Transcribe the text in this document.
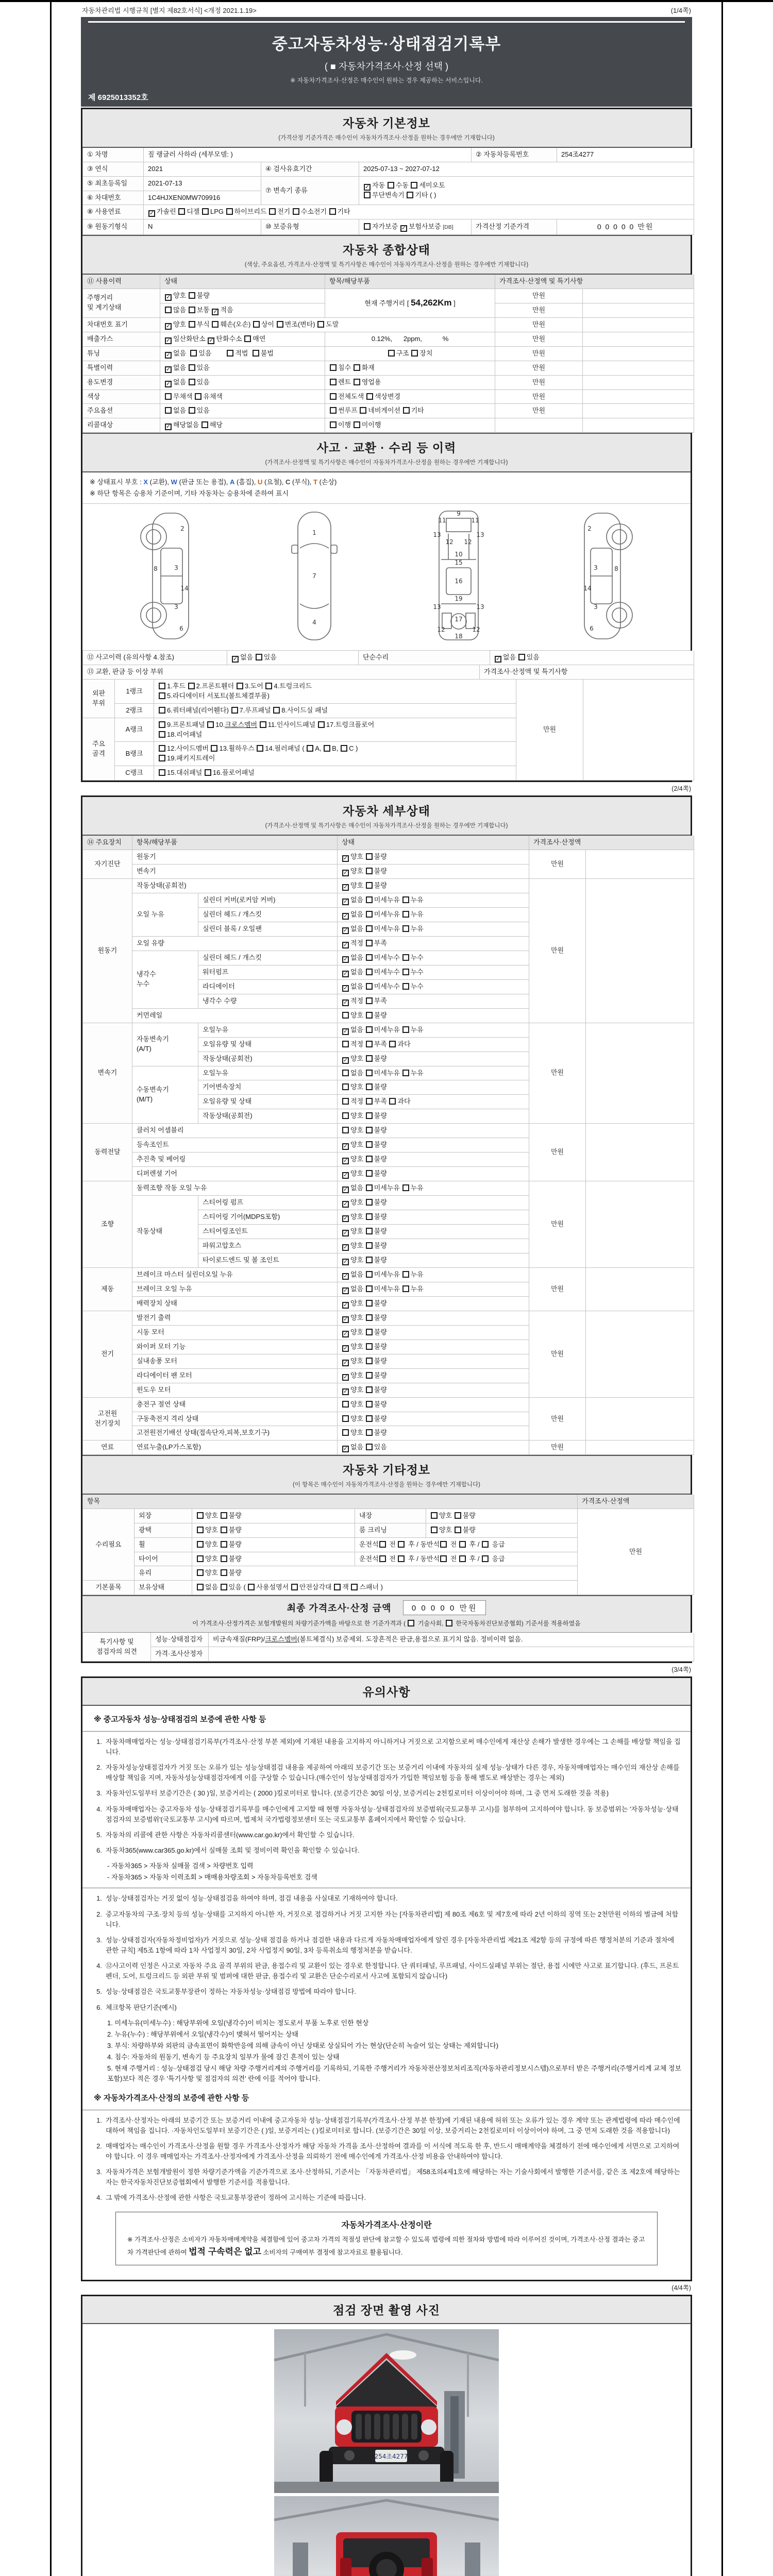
자동차관리법 시행규칙 [별지 제82호서식] <개정 2021.1.19>	(1/4쪽)
중고자동차성능·상태점검기록부
( ■ 자동차가격조사·산정 선택 )
※ 자동차가격조사·산정은 매수인이 원하는 경우 제공하는 서비스입니다.
제 6925013352호
자동차 기본정보
(가격산정 기준가격은 매수인이 자동차가격조사·산정을 원하는 경우에만 기재합니다)
① 차명	짚 랭글러 사하라 (세부모델: )			② 자동차등록번호	254조4277
③ 연식	2021	④ 검사유효기간	2025-07-13 ~ 2027-07-12		
⑤ 최초등록일	2021-07-13	⑦ 변속기 종류	✓자동 수동 세미오토
무단변속기 기타 ( )
⑥ 차대번호	1C4HJXEN0MW709916				
⑧ 사용연료	✓가솔린 디젤 LPG 하이브리드 전기 수소전기 기타
⑨ 원동기형식	N	⑩ 보증유형	자가보증 ✓보험사보증 [DB]	가격산정 기준가격	0 0 0 0 0 만원
자동차 종합상태
(색상, 주요옵션, 가격조사·산정액 및 특기사항은 매수인이 자동차가격조사·산정을 원하는 경우에만 기재합니다)
⑪ 사용이력	상태	항목/해당부품	가격조사·산정액 및 특기사항	
주행거리
및 계기상태	✓양호 불량	현재 주행거리 [ 54,262Km ]	만원	
	많음 보통 ✓적음		만원	
차대번호 표기	✓양호 부식 훼손(오손) 상이 변조(변타) 도말		만원	
배출가스	✓일산화탄소 ✓탄화수소 매연	0.12%,      2ppm,           %	만원	
튜닝	✓없음  있음        적법  불법	구조 장치	만원	
특별이력	✓없음 있음	침수 화재	만원	
용도변경	✓없음 있음	렌트 영업용	만원	
색상	무채색 유채색	전체도색 색상변경	만원	
주요옵션	없음 있음	썬루프 네비게이션 기타	만원	
리콜대상	✓해당없음 해당	이행 미이행		
사고 · 교환 · 수리 등 이력
(가격조사·산정액 및 특기사항은 매수인이 자동차가격조사·산정을 원하는 경우에만 기재합니다)
※ 상태표시 부호 : X (교환), W (판금 또는 용접), A (흠집), U (요철), C (부식), T (손상)
※ 하단 항목은 승용차 기준이며, 기타 자동차는 승용차에 준하여 표시
2
8	3
14
3
6
1
7
4
11
9
11
13	13
12 12
10
15
16
19
13	13
12	12
17
18
2
3	8
14
3
6
⑫ 사고이력 (유의사항 4.참조)	✓없음 있음	단순수리	✓없음 있음
⑬ 교환, 판금 등 이상 부위	가격조사·산정액 및 특기사항
외판
부위	1랭크	1.후드 2.프론트휀더 3.도어 4.트렁크리드
5.라디에이터 서포트(볼트체결부품)	만원	
	2랭크	6.쿼터패널(리어휀다) 7.루프패널 8.사이드실 패널		
주요
골격	A랭크	9.프론트패널 10.크로스멤버 11.인사이드패널 17.트렁크플로어
18.리어패널		
	B랭크	12.사이드멤버 13.휠하우스 14.필러패널 ( A, B, C )
19.패키지트레이		
	C랭크	15.대쉬패널 16.플로어패널		
(2/4쪽)
자동차 세부상태
(가격조사·산정액 및 특기사항은 매수인이 자동차가격조사·산정을 원하는 경우에만 기재합니다)
⑭ 주요장치	항목/해당부품		상태	가격조사·산정액	
자기진단	원동기	✓양호 불량	만원	
	변속기	✓양호 불량
원동기	작동상태(공회전)	✓양호 불량	만원	
	오일 누유	실린더 커버(로커암 커버)	✓없음 미세누유 누유
		실린더 헤드 / 개스킷	✓없음 미세누유 누유
		실린더 블록 / 오일팬	✓없음 미세누유 누유
	오일 유량	✓적정 부족
	냉각수
누수	실린더 헤드 / 개스킷	✓없음 미세누수 누수
		워터펌프	✓없음 미세누수 누수
		라디에이터	✓없음 미세누수 누수
		냉각수 수량	✓적정 부족
	커먼레일		양호 불량		
변속기	자동변속기
(A/T)	오일누유	✓없음 미세누유 누유	만원	
		오일유량 및 상태	적정 부족 과다		
		작동상태(공회전)	✓양호 불량
	수동변속기
(M/T)	오일누유	없음 미세누유 누유		
		기어변속장치	양호 불량		
		오일유량 및 상태	적정 부족 과다		
		작동상태(공회전)	양호 불량		
동력전달	클러치 어셈블리		양호 불량	만원	
	등속조인트	✓양호 불량
	추진축 및 베어링	✓양호 불량
	디퍼렌셜 기어	✓양호 불량
조향	동력조향 작동 오일 누유	✓없음 미세누유 누유	만원	
	작동상태	스티어링 펌프	✓양호 불량
		스티어링 기어(MDPS포함)	✓양호 불량
		스티어링조인트	✓양호 불량
		파워고압호스	✓양호 불량
		타이로드엔드 및 볼 조인트	✓양호 불량
제동	브레이크 마스터 실린더오일 누유	✓없음 미세누유 누유	만원	
	브레이크 오일 누유	✓없음 미세누유 누유
	배력장치 상태	✓양호 불량
전기	발전기 출력	✓양호 불량	만원	
	시동 모터	✓양호 불량
	와이퍼 모터 기능	✓양호 불량
	실내송풍 모터	✓양호 불량
	라디에이터 팬 모터	✓양호 불량
	윈도우 모터	✓양호 불량
고전원
전기장치	충전구 절연 상태		양호 불량	만원	
	구동축전지 격리 상태		양호 불량		
	고전원전기배선 상태(접속단자,피복,보호기구)		양호 불량		
연료	연료누출(LP가스포함)	✓없음 있음	만원	
자동차 기타정보
(이 항목은 매수인이 자동차가격조사·산정을 원하는 경우에만 기재합니다)
항목					가격조사·산정액
수리필요	외장	양호 불량	내장	양호 불량	만원
	광택	양호 불량	룸 크리닝	양호 불량	
	휠	양호 불량	운전석 전  후 / 동반석 전  후 /  응급		
	타이어	양호 불량	운전석 전  후 / 동반석 전  후 /  응급		
	유리	양호 불량			
기본품목	보유상태	없음 있음 ( 사용설명서 안전삼각대 잭 스패너 )			
최종 가격조사·산정 금액	0 0 0 0 0 만원
이 가격조사·산정가격은 보험개발원의 차량기준가액을 바탕으로 한 기준가격과 (  기술사회,  한국자동차진단보증협회) 기준서를 적용하였음
특기사항 및
점검자의 의견	성능·상태점검자	비금속재질(FRP)/크로스멤버(볼트체결식) 보증제외. 도장흔적은 판금,용접으로 표기치 않음. 정비이력 없음.
	가격·조사산정자	
(3/4쪽)
유의사항
※ 중고자동차 성능·상태점검의 보증에 관한 사항 등
1. 자동차매매업자는 성능·상태점검기록부(가격조사·산정 부분 제외)에 기재된 내용을 고지하지 아니하거나 거짓으로 고지함으로써 매수인에게 재산상 손해가 발생한 경우에는 그 손해를 배상할 책임을 집니다.
2. 자동차성능상태점검자가 거짓 또는 오류가 있는 성능상태점검 내용을 제공하여 아래의 보증기간 또는 보증거리 이내에 자동차의 실제 성능·상태가 다른 경우, 자동차매매업자는 매수인의 재산상 손해를 배상할 책임을 지며, 자동차성능상태점검자에게 이를 구상할 수 있습니다.(매수인이 성능상태점검자가 가입한 책임보험 등을 통해 별도로 배상받는 경우는 제외)
3. 자동차인도일부터 보증기간은 ( 30 )일, 보증거리는 ( 2000 )킬로미터로 합니다. (보증기간은 30일 이상, 보증거리는 2천킬로미터 이상이어야 하며, 그 중 먼저 도래한 것을 적용)
4. 자동차매매업자는 중고자동차 성능·상태점검기록부를 매수인에게 고지할 때 현행 자동차성능·상태점검자의 보증범위(국토교통부 고시)를 첨부하여 고지하여야 합니다. 동 보증범위는 '자동차성능·상태점검자의 보증범위'(국토교통부 고시)에 따르며, 법제처 국가법령정보센터 또는 국토교통부 홈페이지에서 확인할 수 있습니다.
5. 자동차의 리콜에 관한 사항은 자동차리콜센터(www.car.go.kr)에서 확인할 수 있습니다.
6. 자동차365(www.car365.go.kr)에서 실매물 조회 및 정비이력 확인을 확인할 수 있습니다.
- 자동차365 > 자동차 실매물 검색 > 차량번호 입력
- 자동차365 > 자동차 이력조회 > 매매용차량조회 > 자동차등록번호 검색
1. 성능·상태점검자는 거짓 없이 성능·상태점검을 하여야 하며, 점검 내용을 사실대로 기재하여야 합니다.
2. 중고자동차의 구조·장치 등의 성능·상태를 고지하지 아니한 자, 거짓으로 점검하거나 거짓 고지한 자는 [자동차관리법] 제 80조 제6호 및 제7호에 따라 2년 이하의 징역 또는 2천만원 이하의 벌금에 처합니다.
3. 성능·상태점검자(자동차정비업자)가 거짓으로 성능·상태 점검을 하거나 점검한 내용과 다르게 자동차매매업자에게 알린 경우 [자동차관리법 제21조 제2항 등의 규정에 따른 행정처분의 기준과 절차에 관한 규칙] 제5조 1항에 따라 1차 사업정지 30일, 2차 사업정지 90일, 3차 등록취소의 행정처분을 받습니다.
4. ⑫사고이력 인정은 사고로 자동차 주요 골격 부위의 판금, 용접수리 및 교환이 있는 경우로 한정합니다. 단 쿼터패널, 루프패널, 사이드실패널 부위는 절단, 용접 시에만 사고로 표기합니다. (후드, 프론트펜더, 도어, 트렁크리드 등 외판 부위 및 범퍼에 대한 판금, 용접수리 및 교환은 단순수리로서 사고에 포함되지 않습니다)
5. 성능·상태점검은 국토교통부장관이 정하는 자동차성능·상태점검 방법에 따라야 합니다.
6. 체크항목 판단기준(예시)
1. 미세누유(미세누수) : 해당부위에 오일(냉각수)이 비치는 정도로서 부품 노후로 인한 현상
2. 누유(누수) : 해당부위에서 오일(냉각수)이 맺혀서 떨어지는 상태
3. 부식: 차량하부와 외판의 금속표면이 화학반응에 의해 금속이 아닌 상태로 상실되어 가는 현상(단순히 녹슬어 있는 상태는 제외합니다)
4. 침수: 자동차의 원동기, 변속기 등 주요장치 일부가 물에 잠긴 흔적이 있는 상태
5. 현재 주행거리 : 성능·상태점검 당시 해당 차량 주행거리계의 주행거리를 기록하되, 기록한 주행거리가 자동차전산정보처리조직(자동차관리정보시스템)으로부터 받은 주행거리(주행거리계 교체 정보 포함)보다 적은 경우 '특기사항 및 점검자의 의견' 란에 이를 적어야 합니다.
※ 자동차가격조사·산정의 보증에 관한 사항 등
1. 가격조사·산정자는 아래의 보증기간 또는 보증거리 이내에 중고자동차 성능·상태점검기록부(가격조사·산정 부분 한정)에 기재된 내용에 허위 또는 오류가 있는 경우 계약 또는 관계법령에 따라 매수인에 대하여 책임을 집니다. ·자동차인도일부터 보증기간은 ( )일, 보증거리는 ( )킬로미터로 합니다. (보증기간은 30일 이상, 보증거리는 2천킬로미터 이상이어야 하며, 그 중 먼저 도래한 것을 적용합니다)
2. 매매업자는 매수인이 가격조사·산정을 원할 경우 가격조사·산정자가 해당 자동차 가격을 조사·산정하여 결과를 이 서식에 적도록 한 후, 반드시 매매계약을 체결하기 전에 매수인에게 서면으로 고지하여야 합니다. 이 경우 매매업자는 가격조사·산정자에게 가격조사·산정을 의뢰하기 전에 매수인에게 가격조사·산정 비용을 안내하여야 합니다.
3. 자동차가격은 보험개발원이 정한 차량기준가액을 기준가격으로 조사·산정하되, 기준서는 「자동차관리법」 제58조의4제1호에 해당하는 자는 기술사회에서 발행한 기준서를, 같은 조 제2호에 해당하는 자는 한국자동차진단보증협회에서 발행한 기준서를 적용합니다.
4. 그 밖에 가격조사·산정에 관한 사항은 국토교통부장관이 정하여 고시하는 기준에 따릅니다.
자동차가격조사·산정이란
※ 가격조사·산정은 소비자가 자동차매매계약을 체결함에 있어 중고차 가격의 적절성 판단에 참고할 수 있도록 법령에 의한 절차와 방법에 따라 이루어진 것이며, 가격조사·산정 결과는 중고차 가격판단에 관하여 법적 구속력은 없고 소비자의 구매여부 결정에 참고자료로 활용됩니다.
(4/4쪽)
점검 장면 촬영 사진
254조4277
